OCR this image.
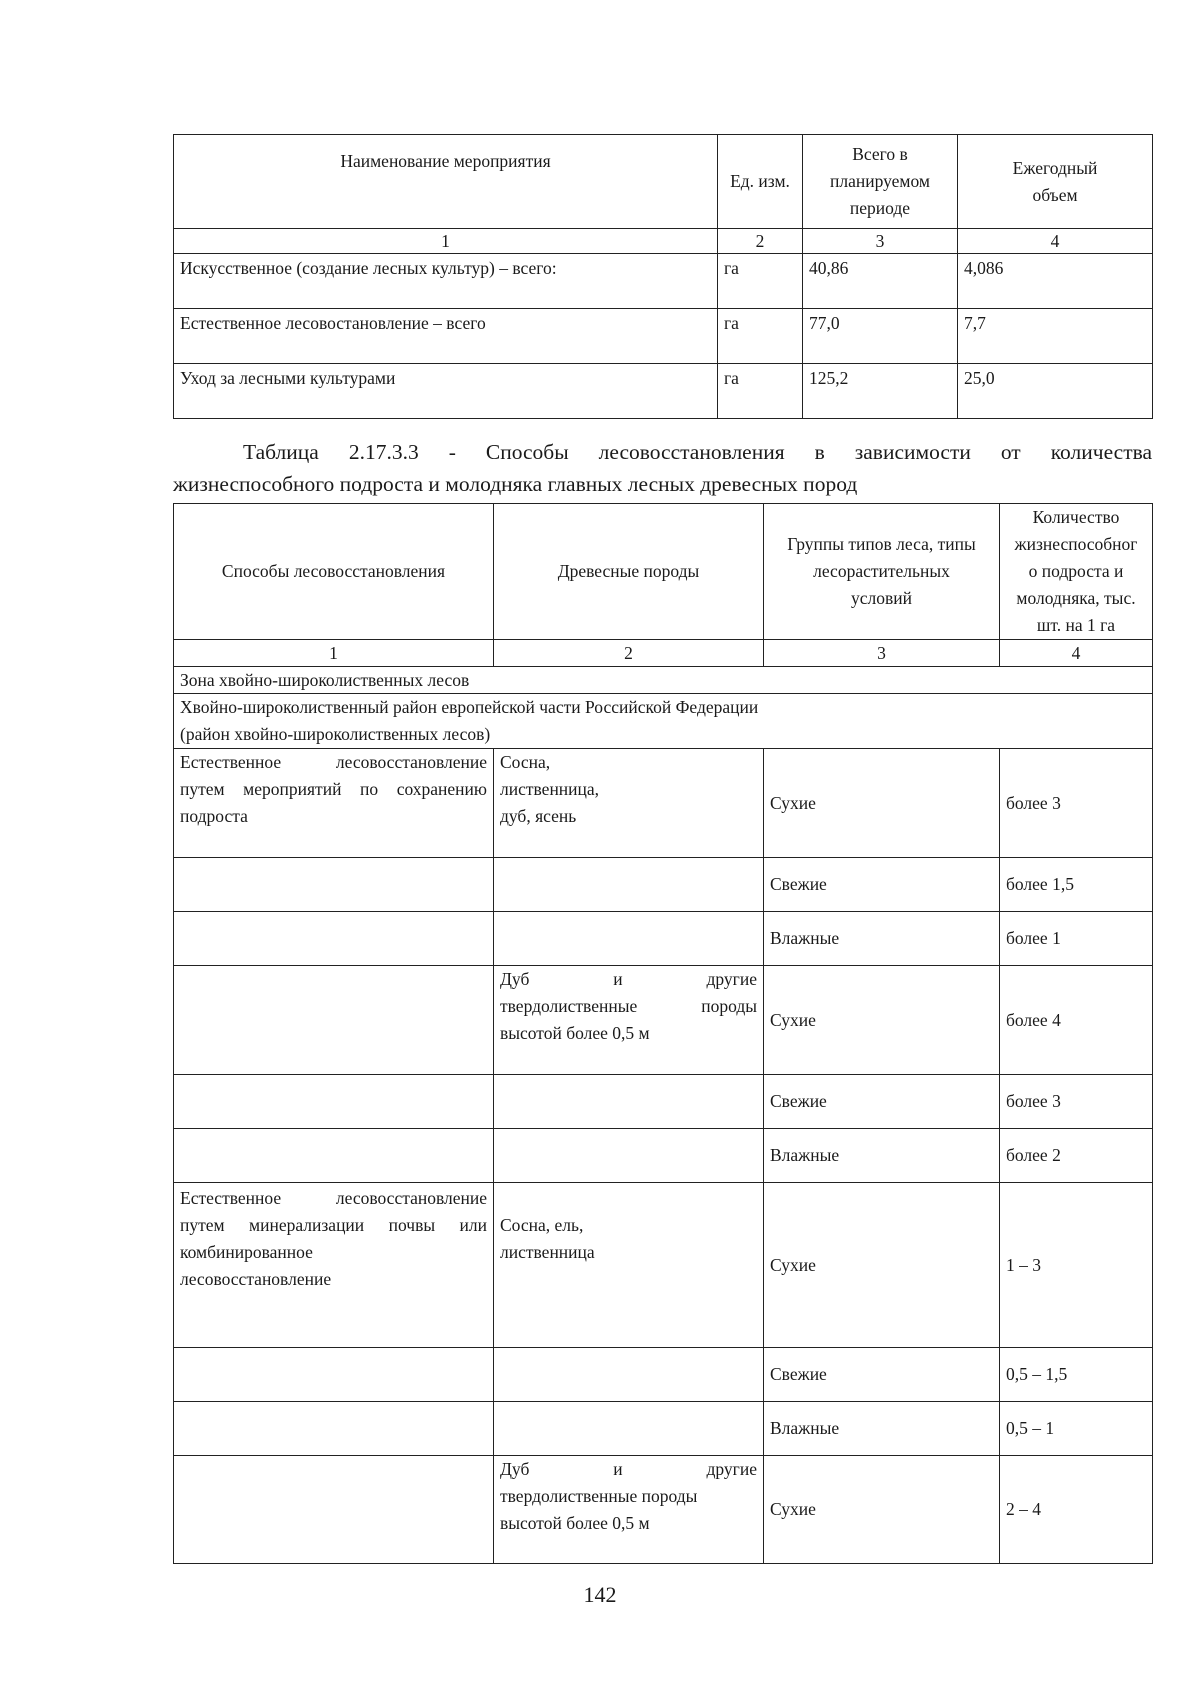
Наименование мероприятия	Ед. изм.	Всего в
планируемом
периоде	Ежегодный
объем

1	2	3	4
Искусственное (создание лесных культур) – всего:	га	40,86	4,086
Естественное лесовостановление – всего	га	77,0	7,7
Уход за лесными культурами	га	125,2	25,0
Таблица 2.17.3.3 - Способы лесовосстановления в зависимости от количества
жизнеспособного подроста и молодняка главных лесных древесных пород
Способы лесовосстановления	Древесные породы	Группы типов леса, типы
лесорастительных
условий	Количество
жизнеспособног
о подроста и
молодняка, тыс.
шт. на 1 га

1	2	3	4
Зона хвойно-широколиственных лесов			

Хвойно-широколиственный район европейской части Российской Федерации
(район хвойно-широколиственных лесов)			

Естественное лесовосстановление
путем мероприятий по сохранению
подроста	Сосна,
лиственница,
дуб, ясень	Сухие	более 3
		Свежие	более 1,5
		Влажные	более 1

	Дуб и другие
твердолиственные породы
высотой более 0,5 м	Сухие	более 4
		Свежие	более 3
		Влажные	более 2

Естественное лесовосстановление
путем минерализации почвы или
комбинированное
лесовосстановление	Сосна, ель,
лиственница	Сухие	1 – 3
		Свежие	0,5 – 1,5
		Влажные	0,5 – 1

	Дуб и другие
твердолиственные породы
высотой более 0,5 м	Сухие	2 – 4
142
